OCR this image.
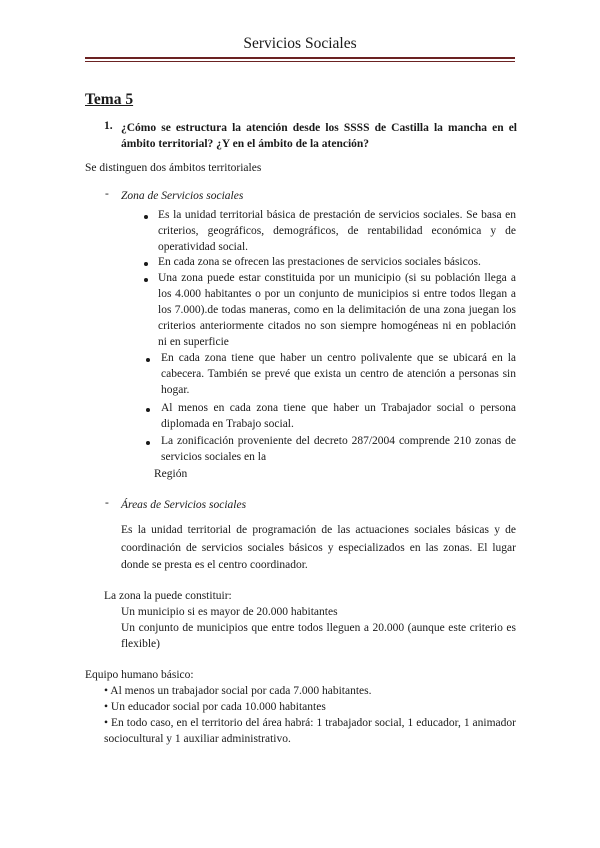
Servicios Sociales
Tema 5
1. ¿Cómo se estructura la atención desde los SSSS de Castilla la mancha en el ámbito territorial? ¿Y en el ámbito de la atención?
Se distinguen dos ámbitos territoriales
- Zona de Servicios sociales
Es la unidad territorial básica de prestación de servicios sociales. Se basa en criterios, geográficos, demográficos, de rentabilidad económica y de operatividad social.
En cada zona se ofrecen las prestaciones de servicios sociales básicos.
Una zona puede estar constituida por un municipio (si su población llega a los 4.000 habitantes o por un conjunto de municipios si entre todos llegan a los 7.000).de todas maneras, como en la delimitación de una zona juegan los criterios anteriormente citados no son siempre homogéneas ni en población ni en superficie
En cada zona tiene que haber un centro polivalente que se ubicará en la cabecera. También se prevé que exista un centro de atención a personas sin hogar.
Al menos en cada zona tiene que haber un Trabajador social o persona diplomada en Trabajo social.
La zonificación proveniente del decreto 287/2004 comprende 210 zonas de servicios sociales en la
Región
- Áreas de Servicios sociales
Es la unidad territorial de programación de las actuaciones sociales básicas y de coordinación de servicios sociales básicos y especializados en las zonas. El lugar donde se presta es el centro coordinador.
La zona la puede constituir:
Un municipio si es mayor de 20.000 habitantes
Un conjunto de municipios que entre todos lleguen a 20.000 (aunque este criterio es flexible)
Equipo humano básico:
• Al menos un trabajador social por cada 7.000 habitantes.
• Un educador social por cada 10.000 habitantes
• En todo caso, en el territorio del área habrá: 1 trabajador social, 1 educador, 1 animador sociocultural y 1 auxiliar administrativo.
